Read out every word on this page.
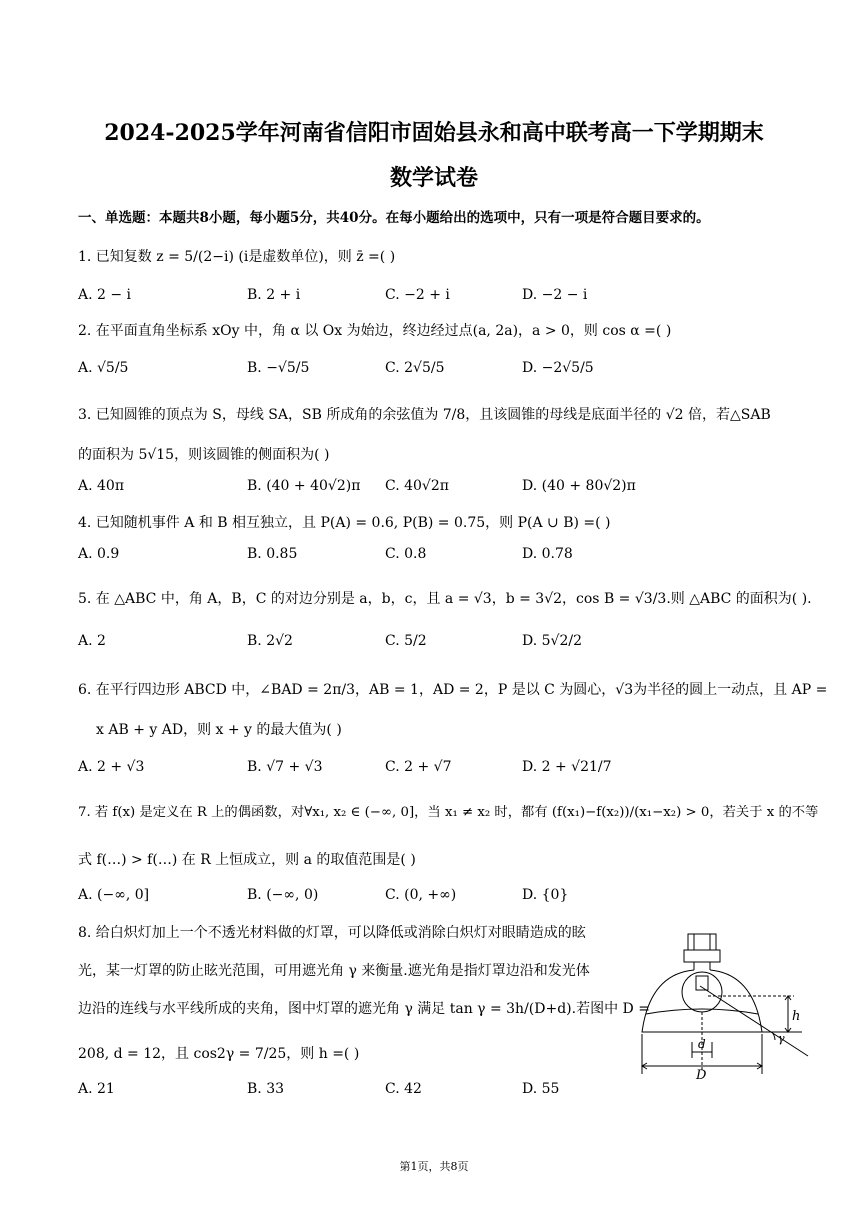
2024-2025学年河南省信阳市固始县永和高中联考高一下学期期末
数学试卷
一、单选题：本题共8小题，每小题5分，共40分。在每小题给出的选项中，只有一项是符合题目要求的。
1. 已知复数 z = 5/(2−i) (i是虚数单位)，则 z̄ =( )
A. 2 − i	B. 2 + i	C. −2 + i	D. −2 − i
2. 在平面直角坐标系 xOy 中，角 α 以 Ox 为始边，终边经过点(a, 2a)，a > 0，则 cos α =( )
A. √5/5	B. −√5/5	C. 2√5/5	D. −2√5/5
3. 已知圆锥的顶点为 S，母线 SA，SB 所成角的余弦值为 7/8，且该圆锥的母线是底面半径的 √2 倍，若△SAB
的面积为 5√15，则该圆锥的侧面积为( )
A. 40π	B. (40 + 40√2)π C. 40√2π	D. (40 + 80√2)π
4. 已知随机事件 A 和 B 相互独立，且 P(A) = 0.6, P(B) = 0.75，则 P(A ∪ B) =( )
A. 0.9	B. 0.85	C. 0.8	D. 0.78
5. 在 △ABC 中，角 A，B，C 的对边分别是 a，b，c，且 a = √3，b = 3√2，cos B = √3/3.则 △ABC 的面积为( ).
A. 2	B. 2√2	C. 5/2	D. 5√2/2
6. 在平行四边形 ABCD 中，∠BAD = 2π/3，AB = 1，AD = 2，P 是以 C 为圆心，√3为半径的圆上一动点，且 AP =
x AB + y AD，则 x + y 的最大值为( )
A. 2 + √3	B. √7 + √3	C. 2 + √7	D. 2 + √21/7
7. 若 f(x) 是定义在 R 上的偶函数，对∀x₁, x₂ ∈ (−∞, 0]，当 x₁ ≠ x₂ 时，都有 (f(x₁)−f(x₂))/(x₁−x₂) > 0，若关于 x 的不等
式 f(…) > f(…) 在 R 上恒成立，则 a 的取值范围是( )
A. (−∞, 0]	B. (−∞, 0)	C. (0, +∞)	D. {0}
8. 给白炽灯加上一个不透光材料做的灯罩，可以降低或消除白炽灯对眼睛造成的眩
光，某一灯罩的防止眩光范围，可用遮光角 γ 来衡量.遮光角是指灯罩边沿和发光体
边沿的连线与水平线所成的夹角，图中灯罩的遮光角 γ 满足 tan γ = 3h/(D+d).若图中 D =
208, d = 12，且 cos2γ = 7/25，则 h =( )
A. 21	B. 33	C. 42	D. 55
h
d
D
γ
第1页，共8页
